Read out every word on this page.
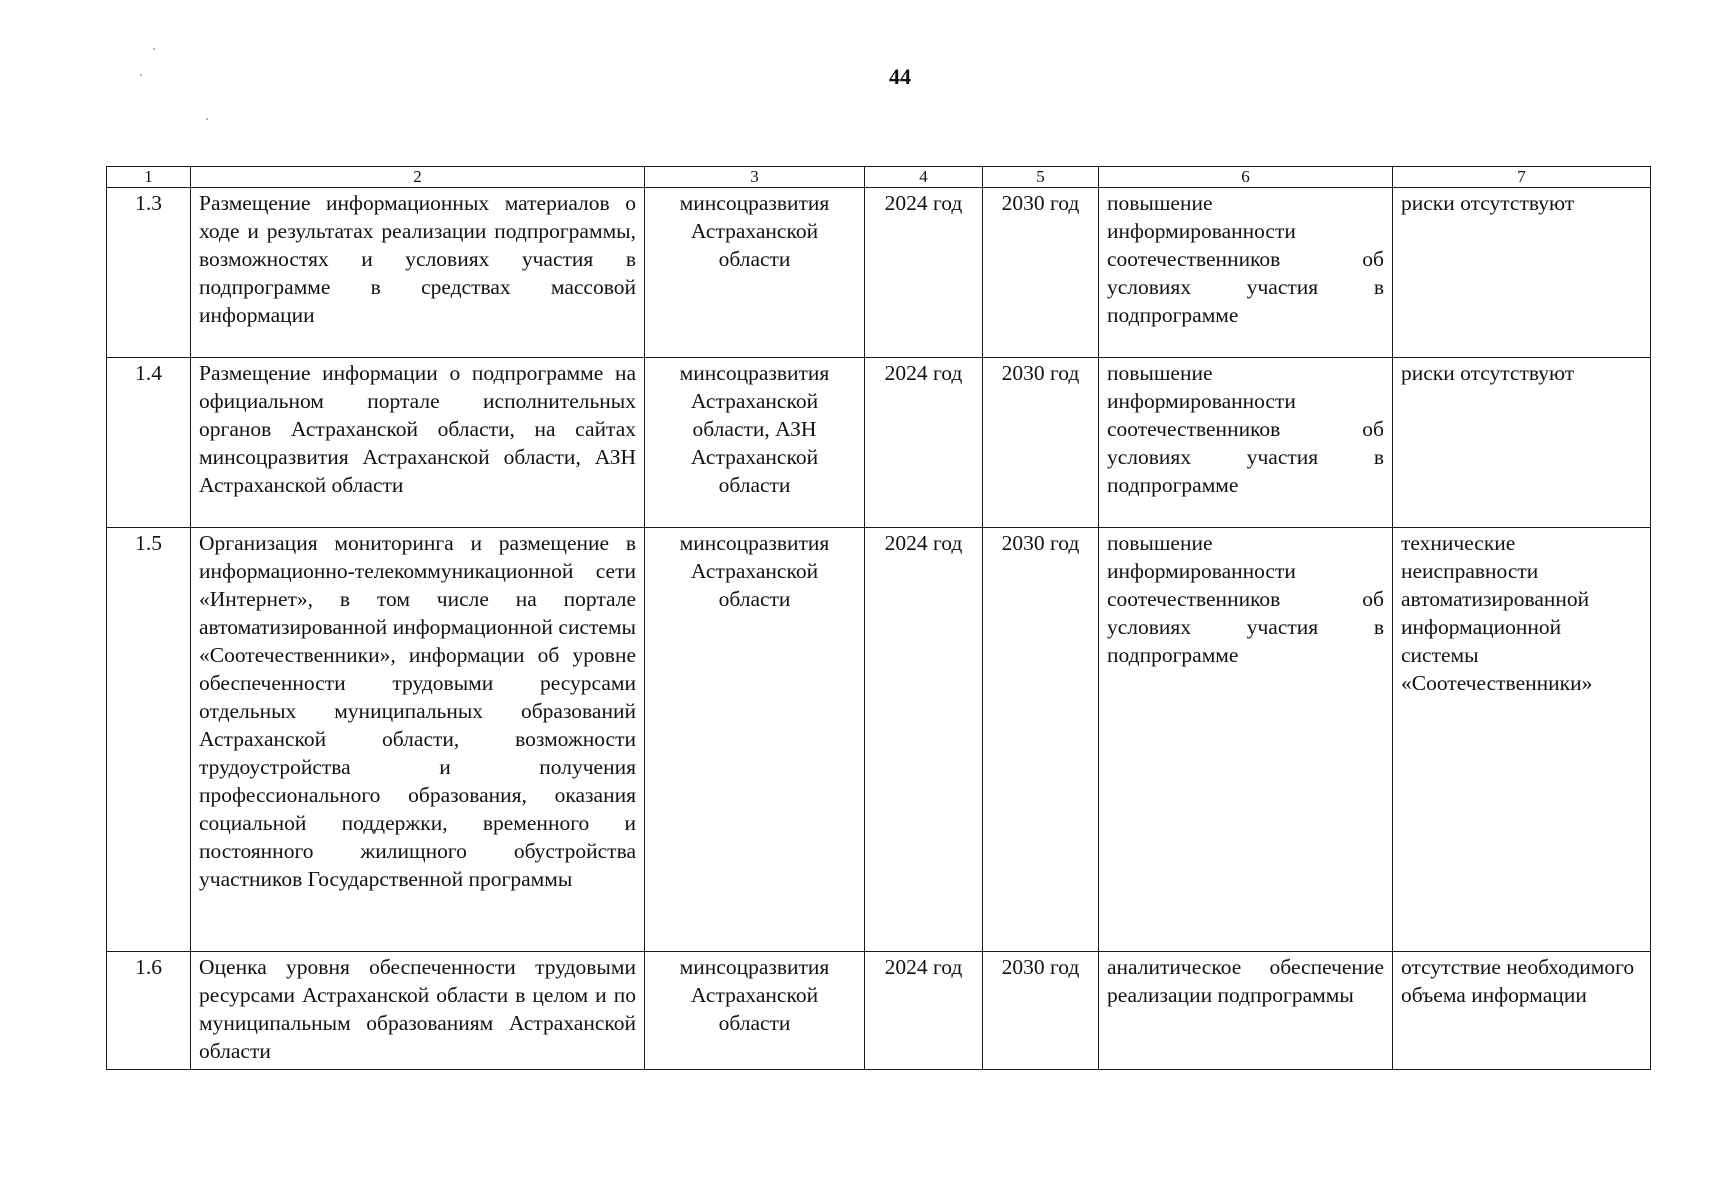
44
1	2	3	4	5	6	7
1.3	Размещение информационных материалов о ходе и результатах реализации подпрограммы, возможностях и условиях участия в подпрограмме в средствах массовой информации	минсоцразвития Астраханской области	2024 год	2030 год	повышение информированности соотечественников об условиях участия в подпрограмме	риски отсутствуют
1.4	Размещение информации о подпрограмме на официальном портале исполнительных органов Астраханской области, на сайтах минсоцразвития Астраханской области, АЗН Астраханской области	минсоцразвития Астраханской области, АЗН Астраханской области	2024 год	2030 год	повышение информированности соотечественников об условиях участия в подпрограмме	риски отсутствуют
1.5	Организация мониторинга и размещение в информационно-телекоммуникационной сети «Интернет», в том числе на портале автоматизированной информационной системы «Соотечественники», информации об уровне обеспеченности трудовыми ресурсами отдельных муниципальных образований Астраханской области, возможности трудоустройства и получения профессионального образования, оказания социальной поддержки, временного и постоянного жилищного обустройства участников Государственной программы	минсоцразвития Астраханской области	2024 год	2030 год	повышение информированности соотечественников об условиях участия в подпрограмме	технические неисправности автоматизированной информационной системы «Соотечественники»
1.6	Оценка уровня обеспеченности трудовыми ресурсами Астраханской области в целом и по муниципальным образованиям Астраханской области	минсоцразвития Астраханской области	2024 год	2030 год	аналитическое обеспечение реализации подпрограммы	отсутствие необходимого объема информации
